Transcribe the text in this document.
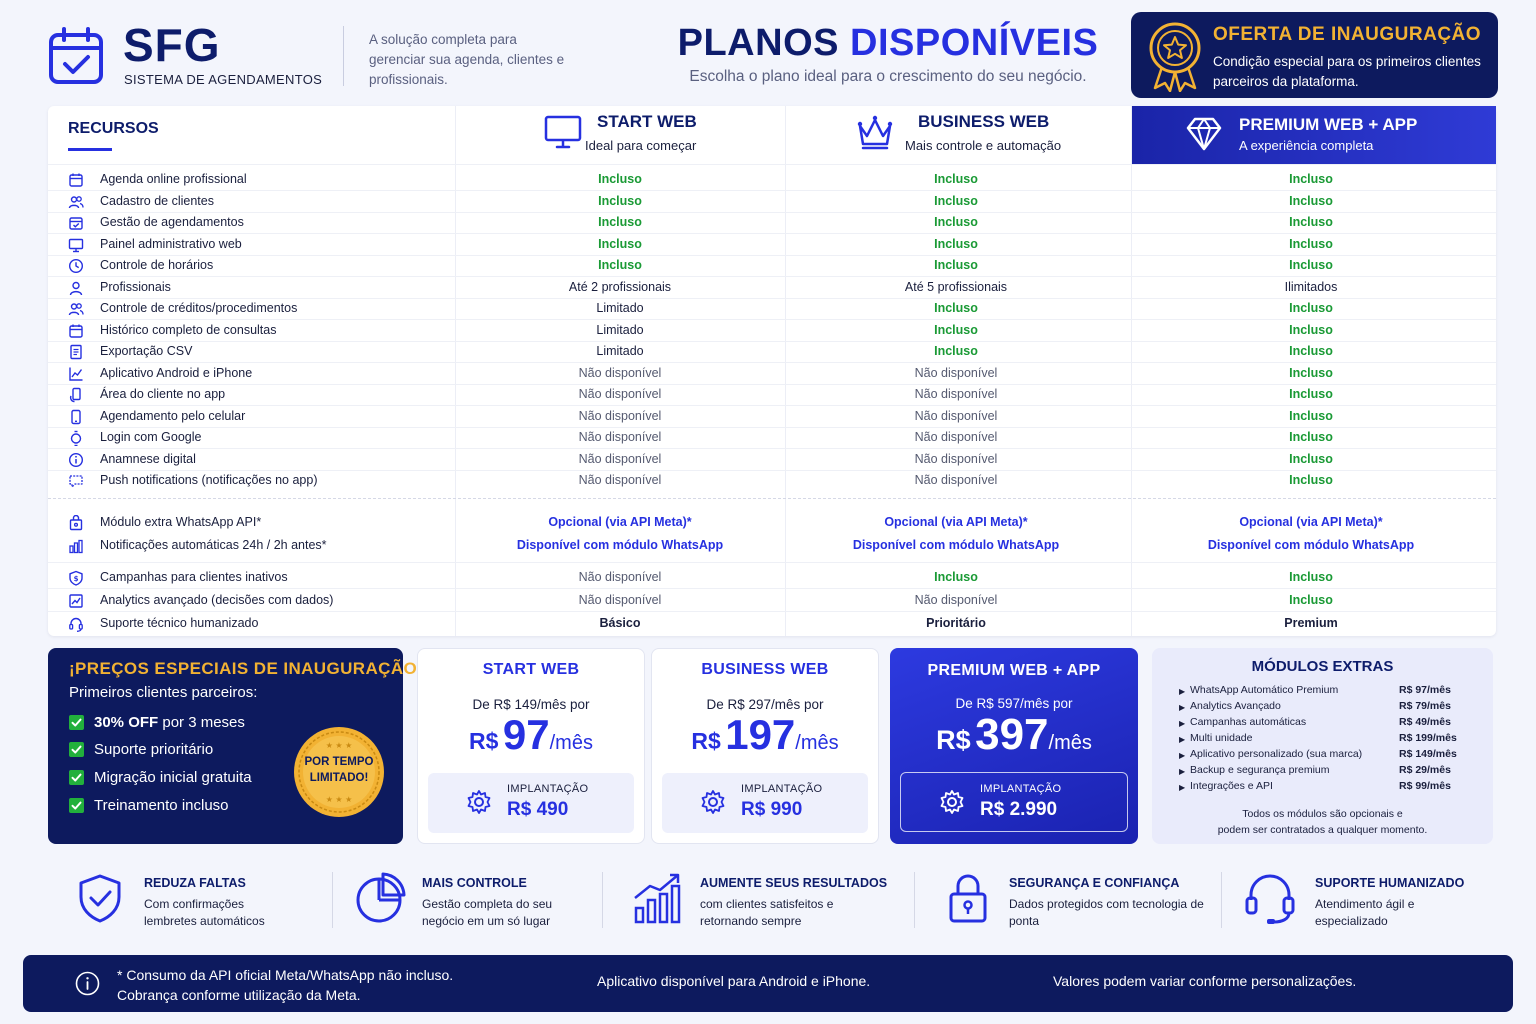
SFG
SISTEMA DE AGENDAMENTOS
A solução completa para gerenciar sua agenda, clientes e profissionais.
PLANOS DISPONÍVEIS
Escolha o plano ideal para o crescimento do seu negócio.
OFERTA DE INAUGURAÇÃO
Condição especial para os primeiros clientes parceiros da plataforma.
RECURSOS	START WEB
Ideal para começar
BUSINESS WEB
Mais controle e automação
PREMIUM WEB + APP
A experiência completa
Agenda online profissional	Incluso	Incluso	Incluso
Cadastro de clientes	Incluso	Incluso	Incluso
Gestão de agendamentos	Incluso	Incluso	Incluso
Painel administrativo web	Incluso	Incluso	Incluso
Controle de horários	Incluso	Incluso	Incluso
Profissionais	Até 2 profissionais	Até 5 profissionais	Ilimitados
Controle de créditos/procedimentos	Limitado	Incluso	Incluso
Histórico completo de consultas	Limitado	Incluso	Incluso
Exportação CSV	Limitado	Incluso	Incluso
Aplicativo Android e iPhone	Não disponível	Não disponível	Incluso
Área do cliente no app	Não disponível	Não disponível	Incluso
Agendamento pelo celular	Não disponível	Não disponível	Incluso
Login com Google	Não disponível	Não disponível	Incluso
Anamnese digital	Não disponível	Não disponível	Incluso
Push notifications (notificações no app)	Não disponível	Não disponível	Incluso
Módulo extra WhatsApp API*	Opcional (via API Meta)*	Opcional (via API Meta)*	Opcional (via API Meta)*
Notificações automáticas 24h / 2h antes*	Disponível com módulo WhatsApp	Disponível com módulo WhatsApp	Disponível com módulo WhatsApp
$ Campanhas para clientes inativos	Não disponível	Incluso	Incluso
Analytics avançado (decisões com dados)	Não disponível	Não disponível	Incluso
Suporte técnico humanizado	Básico	Prioritário	Premium
¡PREÇOS ESPECIAIS DE INAUGURAÇÃO
Primeiros clientes parceiros:
30% OFF por 3 meses
Suporte prioritário
Migração inicial gratuita
Treinamento incluso
★ ★ ★
★ ★ ★
POR TEMPO
LIMITADO!
START WEB
De R$ 149/mês por
R$ 97/mês
IMPLANTAÇÃO
R$ 490
BUSINESS WEB
De R$ 297/mês por
R$ 197/mês
IMPLANTAÇÃO
R$ 990
PREMIUM WEB + APP
De R$ 597/mês por
R$ 397/mês
IMPLANTAÇÃO
R$ 2.990
MÓDULOS EXTRAS
▶ WhatsApp Automático Premium	R$ 97/mês
▶ Analytics Avançado	R$ 79/mês
▶ Campanhas automáticas	R$ 49/mês
▶ Multi unidade	R$ 199/mês
▶ Aplicativo personalizado (sua marca)	R$ 149/mês
▶ Backup e segurança premium	R$ 29/mês
▶ Integrações e API	R$ 99/mês
Todos os módulos são opcionais e
podem ser contratados a qualquer momento.
REDUZA FALTAS
Com confirmações lembretes automáticos
MAIS CONTROLE
Gestão completa do seu negócio em um só lugar
AUMENTE SEUS RESULTADOS
com clientes satisfeitos e retornando sempre
SEGURANÇA E CONFIANÇA
Dados protegidos com tecnologia de ponta
SUPORTE HUMANIZADO
Atendimento ágil e especializado
* Consumo da API oficial Meta/WhatsApp não incluso.
Cobrança conforme utilização da Meta.
Aplicativo disponível para Android e iPhone.	Valores podem variar conforme personalizações.
